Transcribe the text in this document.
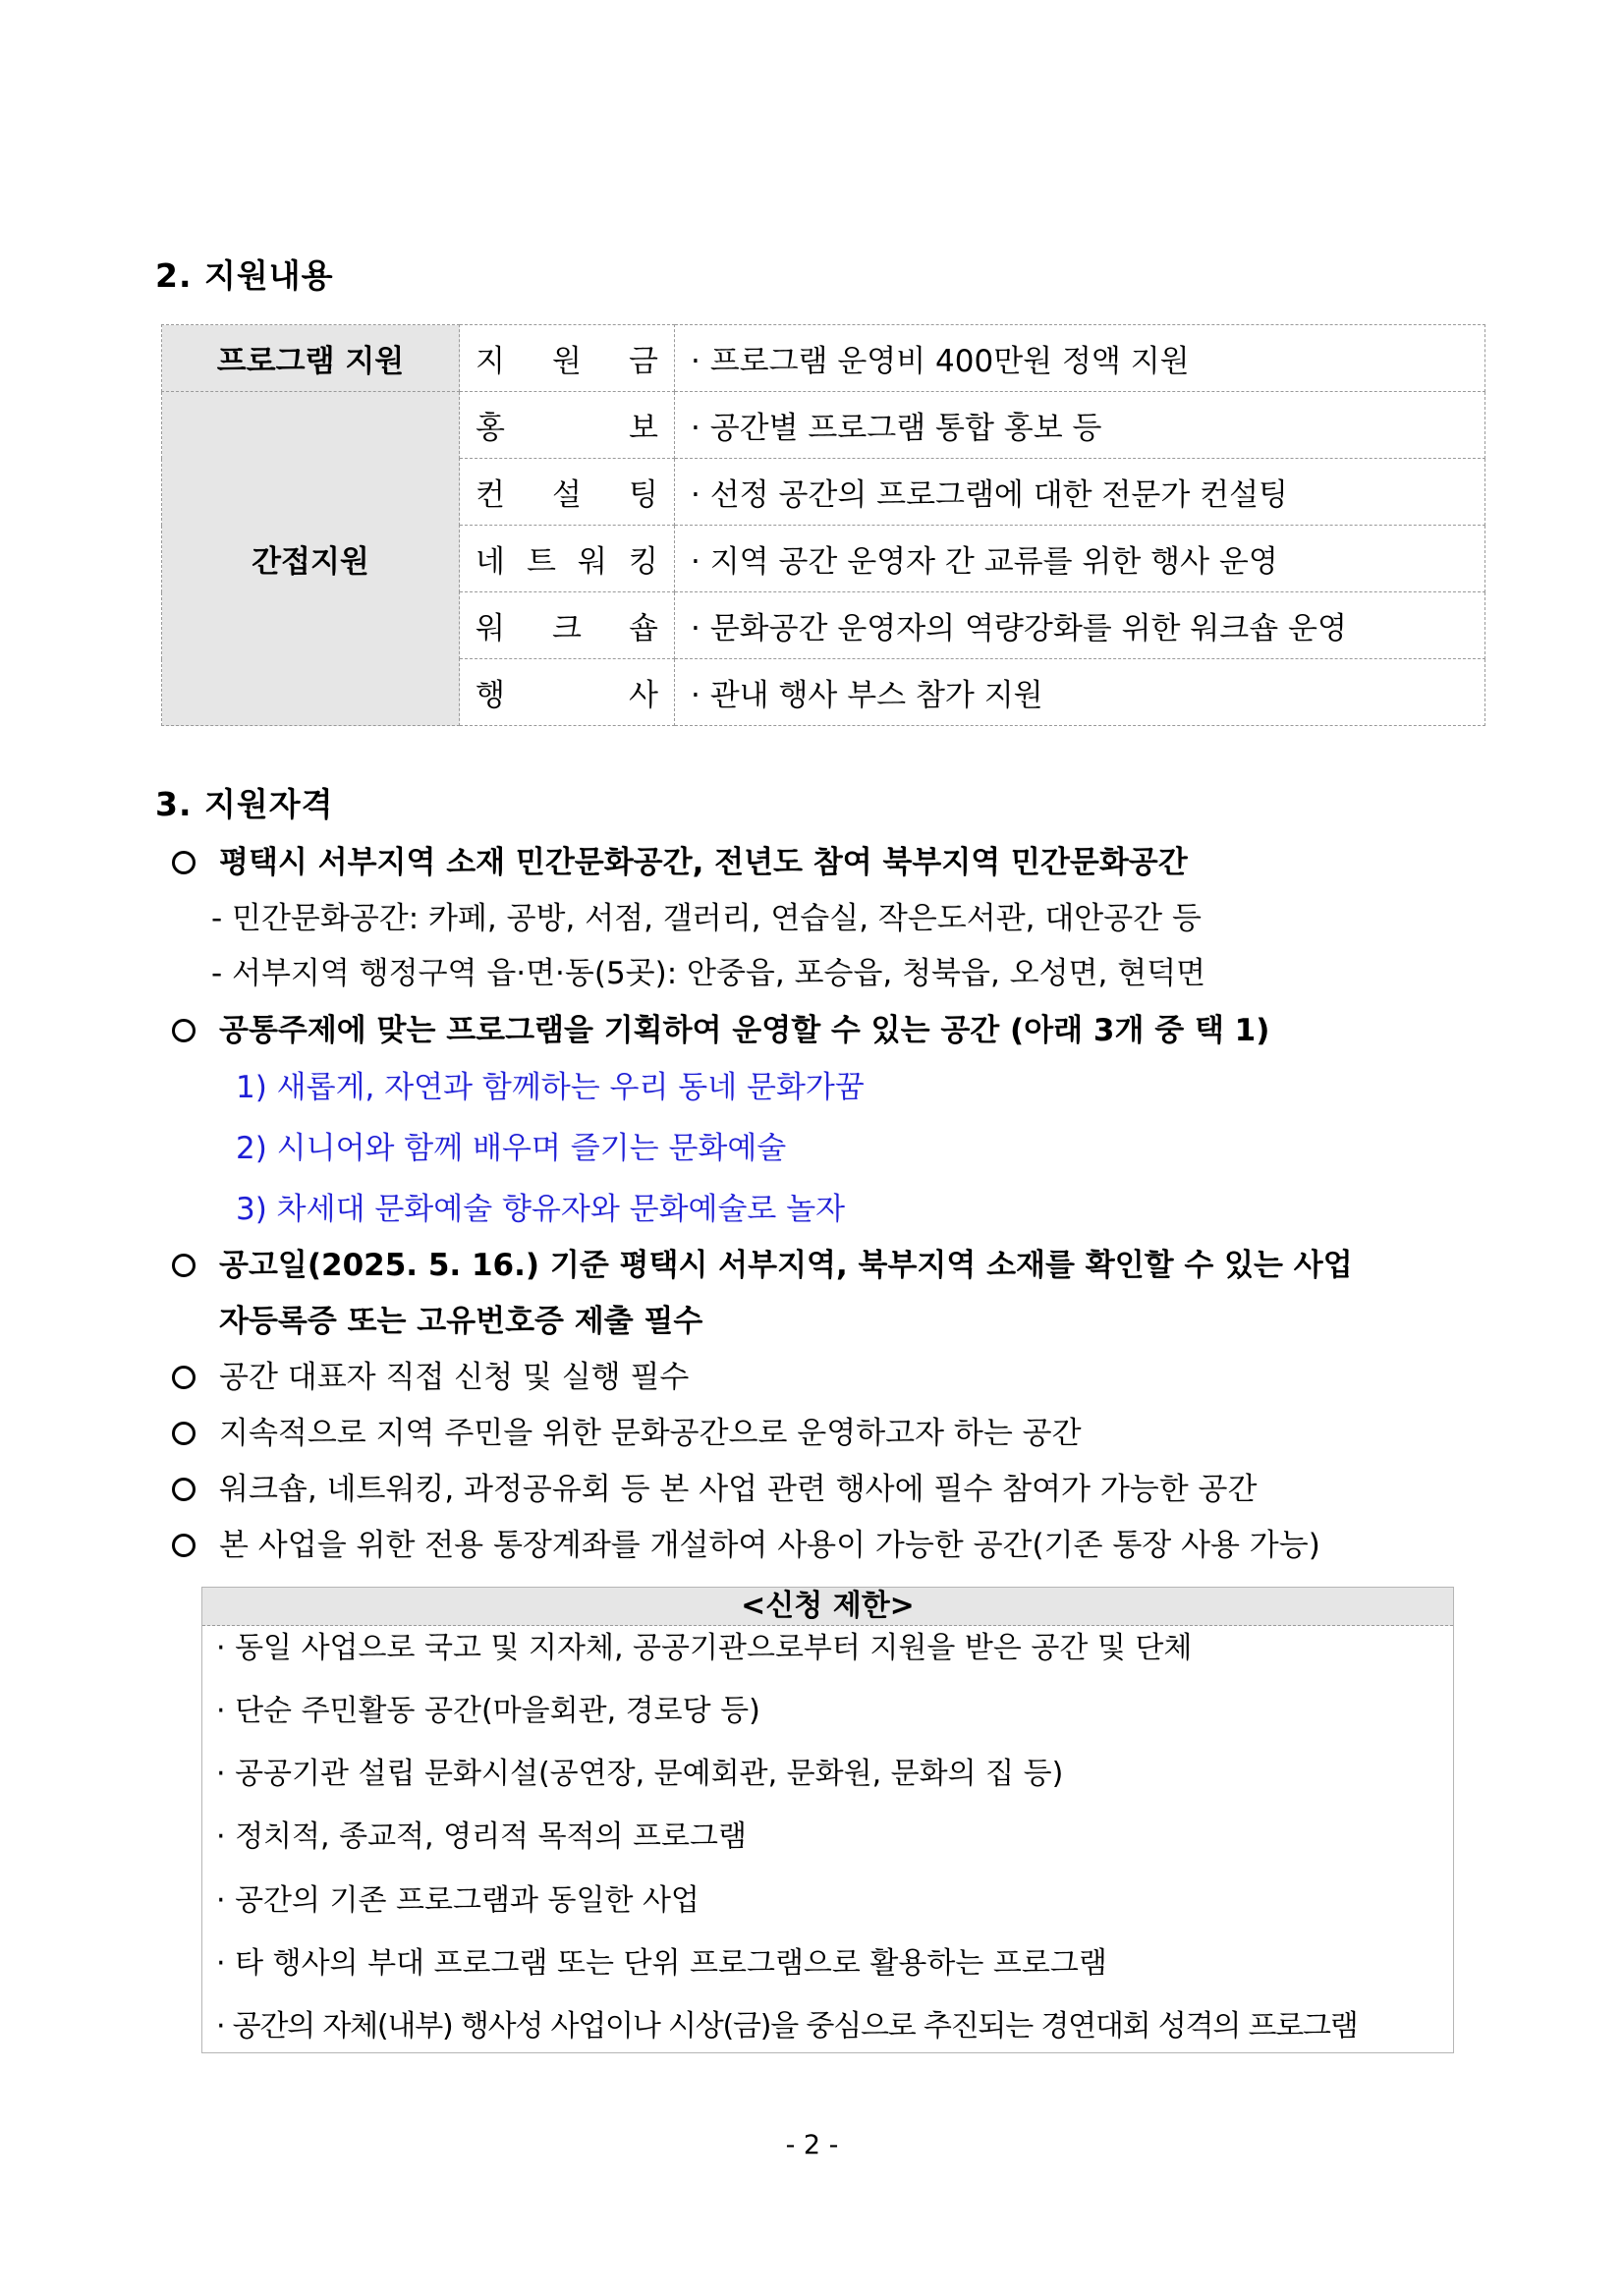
2. 지원내용
프로그램 지원	지 원 금	· 프로그램 운영비 400만원 정액 지원
간접지원	홍 보	· 공간별 프로그램 통합 홍보 등

	컨 설 팅	· 선정 공간의 프로그램에 대한 전문가 컨설팅

	네 트 워 킹	· 지역 공간 운영자 간 교류를 위한 행사 운영

	워 크 숍	· 문화공간 운영자의 역량강화를 위한 워크숍 운영

	행 사	· 관내 행사 부스 참가 지원
3. 지원자격
평택시 서부지역 소재 민간문화공간, 전년도 참여 북부지역 민간문화공간
- 민간문화공간: 카페, 공방, 서점, 갤러리, 연습실, 작은도서관, 대안공간 등
- 서부지역 행정구역 읍·면·동(5곳): 안중읍, 포승읍, 청북읍, 오성면, 현덕면
공통주제에 맞는 프로그램을 기획하여 운영할 수 있는 공간 (아래 3개 중 택 1)
1) 새롭게, 자연과 함께하는 우리 동네 문화가꿈
2) 시니어와 함께 배우며 즐기는 문화예술
3) 차세대 문화예술 향유자와 문화예술로 놀자
공고일(2025. 5. 16.) 기준 평택시 서부지역, 북부지역 소재를 확인할 수 있는 사업
자등록증 또는 고유번호증 제출 필수
공간 대표자 직접 신청 및 실행 필수
지속적으로 지역 주민을 위한 문화공간으로 운영하고자 하는 공간
워크숍, 네트워킹, 과정공유회 등 본 사업 관련 행사에 필수 참여가 가능한 공간
본 사업을 위한 전용 통장계좌를 개설하여 사용이 가능한 공간(기존 통장 사용 가능)
<신청 제한>
· 동일 사업으로 국고 및 지자체, 공공기관으로부터 지원을 받은 공간 및 단체
· 단순 주민활동 공간(마을회관, 경로당 등)
· 공공기관 설립 문화시설(공연장, 문예회관, 문화원, 문화의 집 등)
· 정치적, 종교적, 영리적 목적의 프로그램
· 공간의 기존 프로그램과 동일한 사업
· 타 행사의 부대 프로그램 또는 단위 프로그램으로 활용하는 프로그램
· 공간의 자체(내부) 행사성 사업이나 시상(금)을 중심으로 추진되는 경연대회 성격의 프로그램
- 2 -
